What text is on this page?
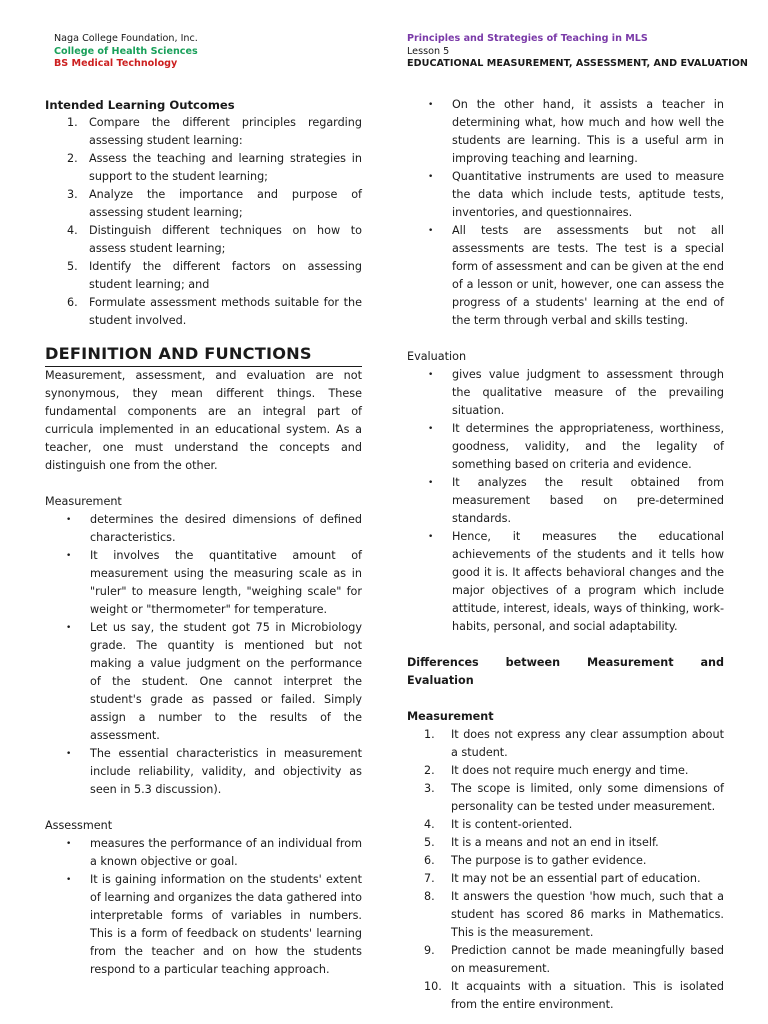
Naga College Foundation, Inc.
College of Health Sciences
BS Medical Technology
Principles and Strategies of Teaching in MLS
Lesson 5
EDUCATIONAL MEASUREMENT, ASSESSMENT, AND EVALUATION
Intended Learning Outcomes
1. Compare the different principles regarding assessing student learning:
2. Assess the teaching and learning strategies in support to the student learning;
3. Analyze the importance and purpose of assessing student learning;
4. Distinguish different techniques on how to assess student learning;
5. Identify the different factors on assessing student learning; and
6. Formulate assessment methods suitable for the student involved.
DEFINITION AND FUNCTIONS

Measurement, assessment, and evaluation are not synonymous, they mean different things. These fundamental components are an integral part of curricula implemented in an educational system. As a teacher, one must understand the concepts and distinguish one from the other.

Measurement
• determines the desired dimensions of defined characteristics.
• It involves the quantitative amount of measurement using the measuring scale as in "ruler" to measure length, "weighing scale" for weight or "thermometer" for temperature.
• Let us say, the student got 75 in Microbiology grade. The quantity is mentioned but not making a value judgment on the performance of the student. One cannot interpret the student's grade as passed or failed. Simply assign a number to the results of the assessment.
• The essential characteristics in measurement include reliability, validity, and objectivity as seen in 5.3 discussion).
Assessment
• measures the performance of an individual from a known objective or goal.
• It is gaining information on the students' extent of learning and organizes the data gathered into interpretable forms of variables in numbers. This is a form of feedback on students' learning from the teacher and on how the students respond to a particular teaching approach.
• On the other hand, it assists a teacher in determining what, how much and how well the students are learning. This is a useful arm in improving teaching and learning.
• Quantitative instruments are used to measure the data which include tests, aptitude tests, inventories, and questionnaires.
• All tests are assessments but not all assessments are tests. The test is a special form of assessment and can be given at the end of a lesson or unit, however, one can assess the progress of a students' learning at the end of the term through verbal and skills testing.
Evaluation
• gives value judgment to assessment through the qualitative measure of the prevailing situation.
• It determines the appropriateness, worthiness, goodness, validity, and the legality of something based on criteria and evidence.
• It analyzes the result obtained from measurement based on pre-determined standards.
• Hence, it measures the educational achievements of the students and it tells how good it is. It affects behavioral changes and the major objectives of a program which include attitude, interest, ideals, ways of thinking, work-habits, personal, and social adaptability.
Differences between Measurement and Evaluation
Measurement
1. It does not express any clear assumption about a student.
2. It does not require much energy and time.
3. The scope is limited, only some dimensions of personality can be tested under measurement.
4. It is content-oriented.
5. It is a means and not an end in itself.
6. The purpose is to gather evidence.
7. It may not be an essential part of education.
8. It answers the question 'how much, such that a student has scored 86 marks in Mathematics. This is the measurement.
9. Prediction cannot be made meaningfully based on measurement.
10. It acquaints with a situation. This is isolated from the entire environment.
